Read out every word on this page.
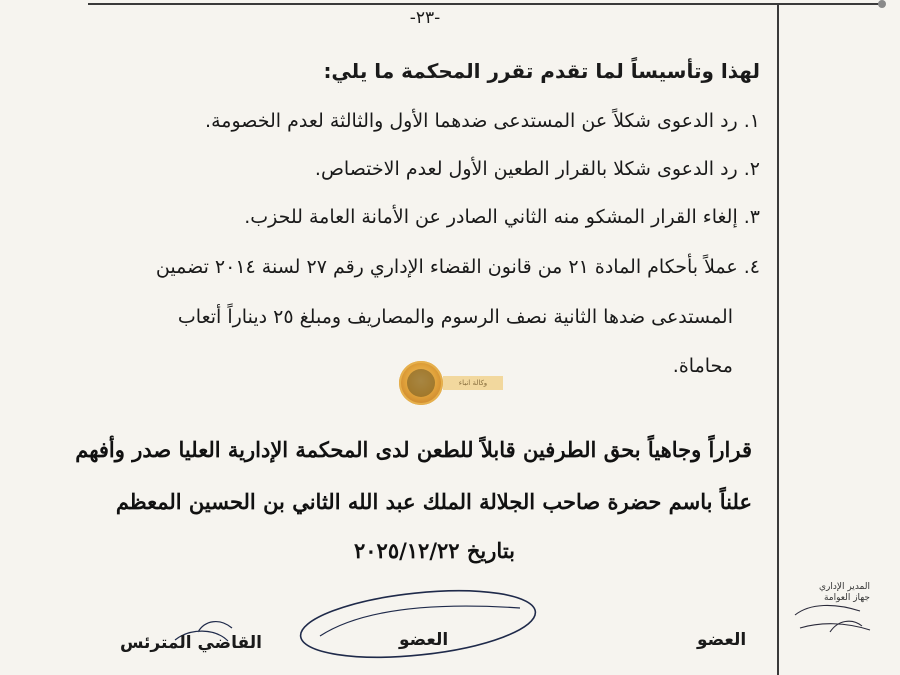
-٢٣-
لهذا وتأسيساً لما تقدم تقرر المحكمة ما يلي:
١.رد الدعوى شكلاً عن المستدعى ضدهما الأول والثالثة لعدم الخصومة.
٢.رد الدعوى شكلا بالقرار الطعين الأول لعدم الاختصاص.
٣.إلغاء القرار المشكو منه الثاني الصادر عن الأمانة العامة للحزب.
٤.عملاً بأحكام المادة ٢١ من قانون القضاء الإداري رقم ٢٧ لسنة ٢٠١٤ تضمين
المستدعى ضدها الثانية نصف الرسوم والمصاريف ومبلغ ٢٥ ديناراً أتعاب
محاماة.
وكالة انباء
قراراً وجاهياً بحق الطرفين قابلاً للطعن لدى المحكمة الإدارية العليا صدر وأفهم
علناً باسم حضرة صاحب الجلالة الملك عبد الله الثاني بن الحسين المعظم
بتاريخ ٢٠٢٥/١٢/٢٢
العضو
العضو
القاضي المترئس
المدير الإداري
جهاز العوامة
